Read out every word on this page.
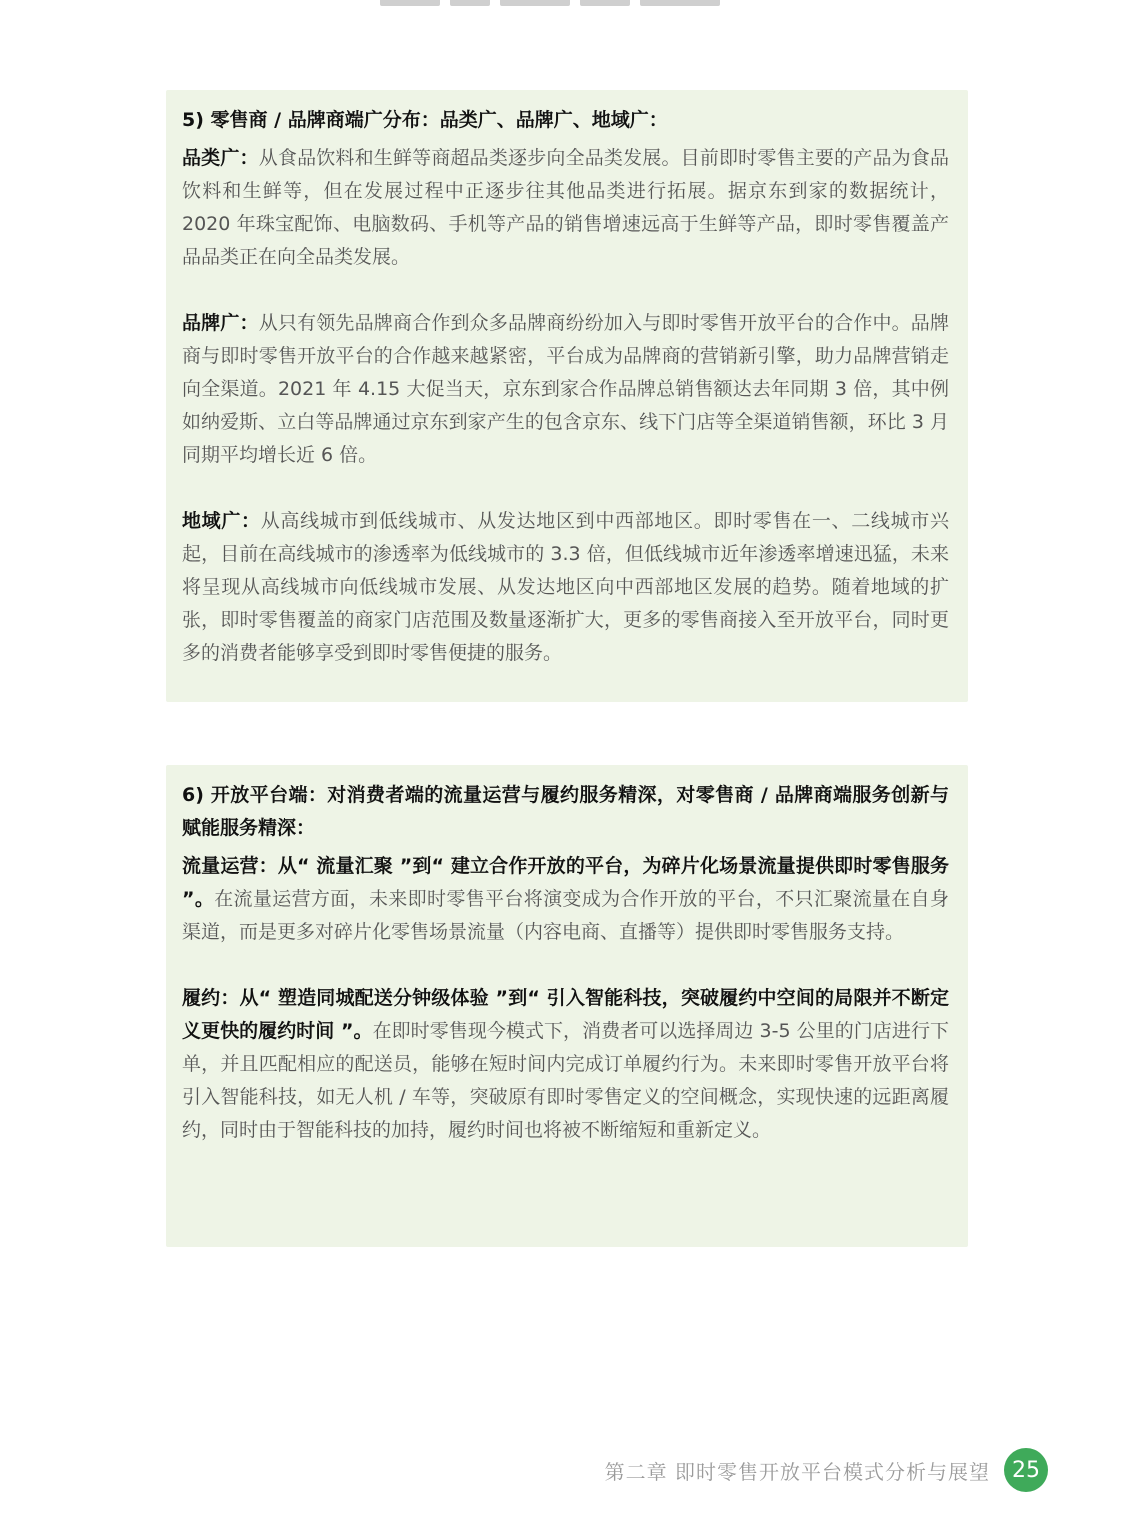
5) 零售商 / 品牌商端广分布：品类广、品牌广、地域广：

品类广：从食品饮料和生鲜等商超品类逐步向全品类发展。目前即时零售主要的产品为食品饮料和生鲜等，但在发展过程中正逐步往其他品类进行拓展。据京东到家的数据统计，2020 年珠宝配饰、电脑数码、手机等产品的销售增速远高于生鲜等产品，即时零售覆盖产品品类正在向全品类发展。

品牌广：从只有领先品牌商合作到众多品牌商纷纷加入与即时零售开放平台的合作中。品牌商与即时零售开放平台的合作越来越紧密，平台成为品牌商的营销新引擎，助力品牌营销走向全渠道。2021 年 4.15 大促当天，京东到家合作品牌总销售额达去年同期 3 倍，其中例如纳爱斯、立白等品牌通过京东到家产生的包含京东、线下门店等全渠道销售额，环比 3 月同期平均增长近 6 倍。

地域广：从高线城市到低线城市、从发达地区到中西部地区。即时零售在一、二线城市兴起，目前在高线城市的渗透率为低线城市的 3.3 倍，但低线城市近年渗透率增速迅猛，未来将呈现从高线城市向低线城市发展、从发达地区向中西部地区发展的趋势。随着地域的扩张，即时零售覆盖的商家门店范围及数量逐渐扩大，更多的零售商接入至开放平台，同时更多的消费者能够享受到即时零售便捷的服务。

6) 开放平台端：对消费者端的流量运营与履约服务精深，对零售商 / 品牌商端服务创新与赋能服务精深：

流量运营：从“ 流量汇聚 ”到“ 建立合作开放的平台，为碎片化场景流量提供即时零售服务 ”。在流量运营方面，未来即时零售平台将演变成为合作开放的平台，不只汇聚流量在自身渠道，而是更多对碎片化零售场景流量（内容电商、直播等）提供即时零售服务支持。

履约：从“ 塑造同城配送分钟级体验 ”到“ 引入智能科技，突破履约中空间的局限并不断定义更快的履约时间 ”。在即时零售现今模式下，消费者可以选择周边 3-5 公里的门店进行下单，并且匹配相应的配送员，能够在短时间内完成订单履约行为。未来即时零售开放平台将引入智能科技，如无人机 / 车等，突破原有即时零售定义的空间概念，实现快速的远距离履约，同时由于智能科技的加持，履约时间也将被不断缩短和重新定义。

第二章 即时零售开放平台模式分析与展望	25
